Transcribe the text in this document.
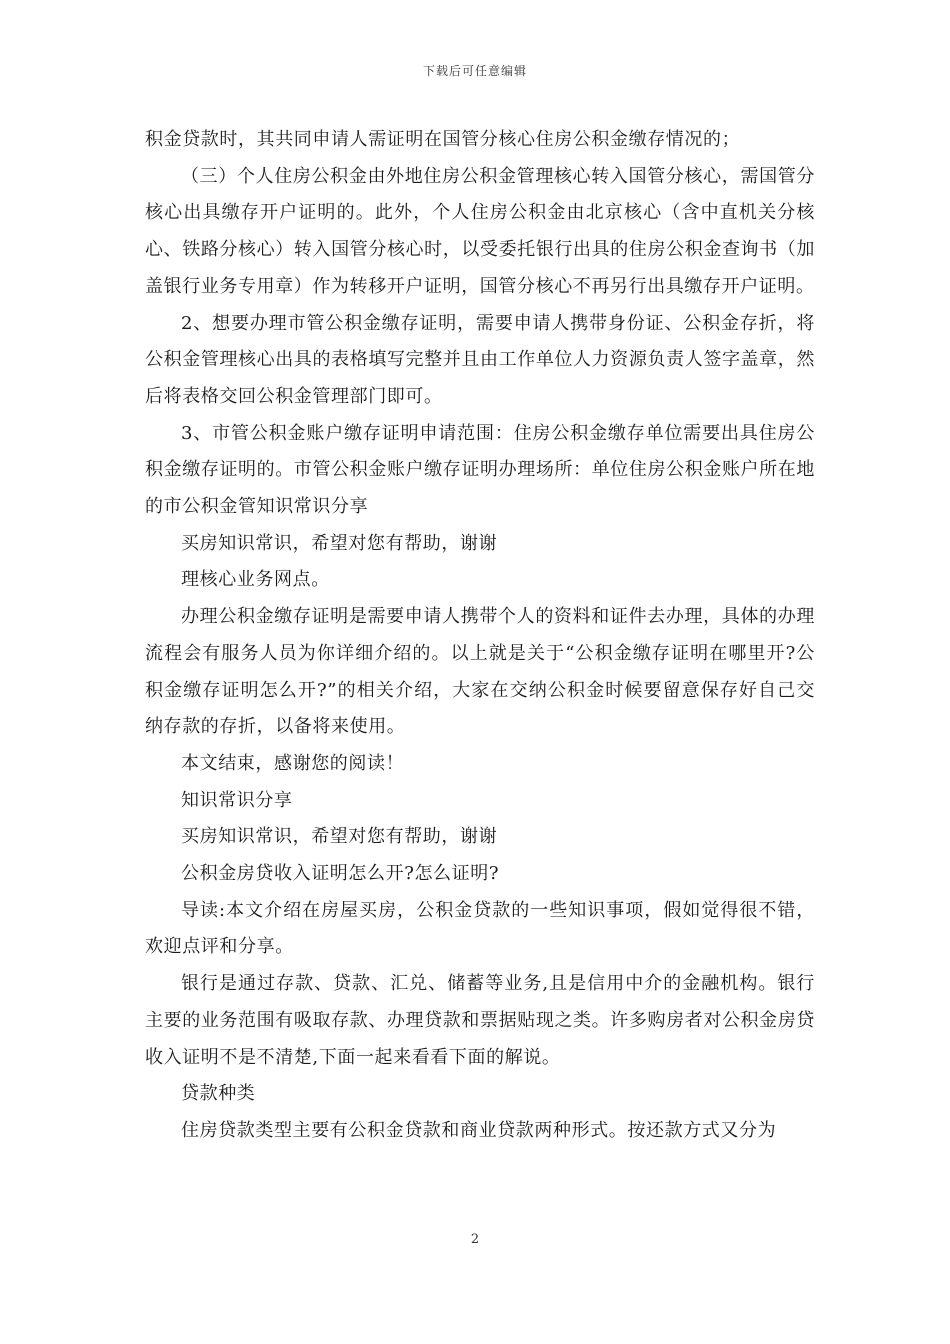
下载后可任意编辑

积金贷款时，其共同申请人需证明在国管分核心住房公积金缴存情况的；

（三）个人住房公积金由外地住房公积金管理核心转入国管分核心，需国管分核心出具缴存开户证明的。此外，个人住房公积金由北京核心（含中直机关分核心、铁路分核心）转入国管分核心时，以受委托银行出具的住房公积金查询书（加盖银行业务专用章）作为转移开户证明，国管分核心不再另行出具缴存开户证明。

2、想要办理市管公积金缴存证明，需要申请人携带身份证、公积金存折，将公积金管理核心出具的表格填写完整并且由工作单位人力资源负责人签字盖章，然后将表格交回公积金管理部门即可。

3、市管公积金账户缴存证明申请范围：住房公积金缴存单位需要出具住房公积金缴存证明的。市管公积金账户缴存证明办理场所：单位住房公积金账户所在地的市公积金管知识常识分享

买房知识常识，希望对您有帮助，谢谢

理核心业务网点。

办理公积金缴存证明是需要申请人携带个人的资料和证件去办理，具体的办理流程会有服务人员为你详细介绍的。以上就是关于“公积金缴存证明在哪里开?公积金缴存证明怎么开?”的相关介绍，大家在交纳公积金时候要留意保存好自己交纳存款的存折，以备将来使用。

本文结束，感谢您的阅读！

知识常识分享

买房知识常识，希望对您有帮助，谢谢

公积金房贷收入证明怎么开?怎么证明?

导读:本文介绍在房屋买房，公积金贷款的一些知识事项，假如觉得很不错，欢迎点评和分享。

银行是通过存款、贷款、汇兑、储蓄等业务,且是信用中介的金融机构。银行主要的业务范围有吸取存款、办理贷款和票据贴现之类。许多购房者对公积金房贷收入证明不是不清楚,下面一起来看看下面的解说。

贷款种类

住房贷款类型主要有公积金贷款和商业贷款两种形式。按还款方式又分为

2
